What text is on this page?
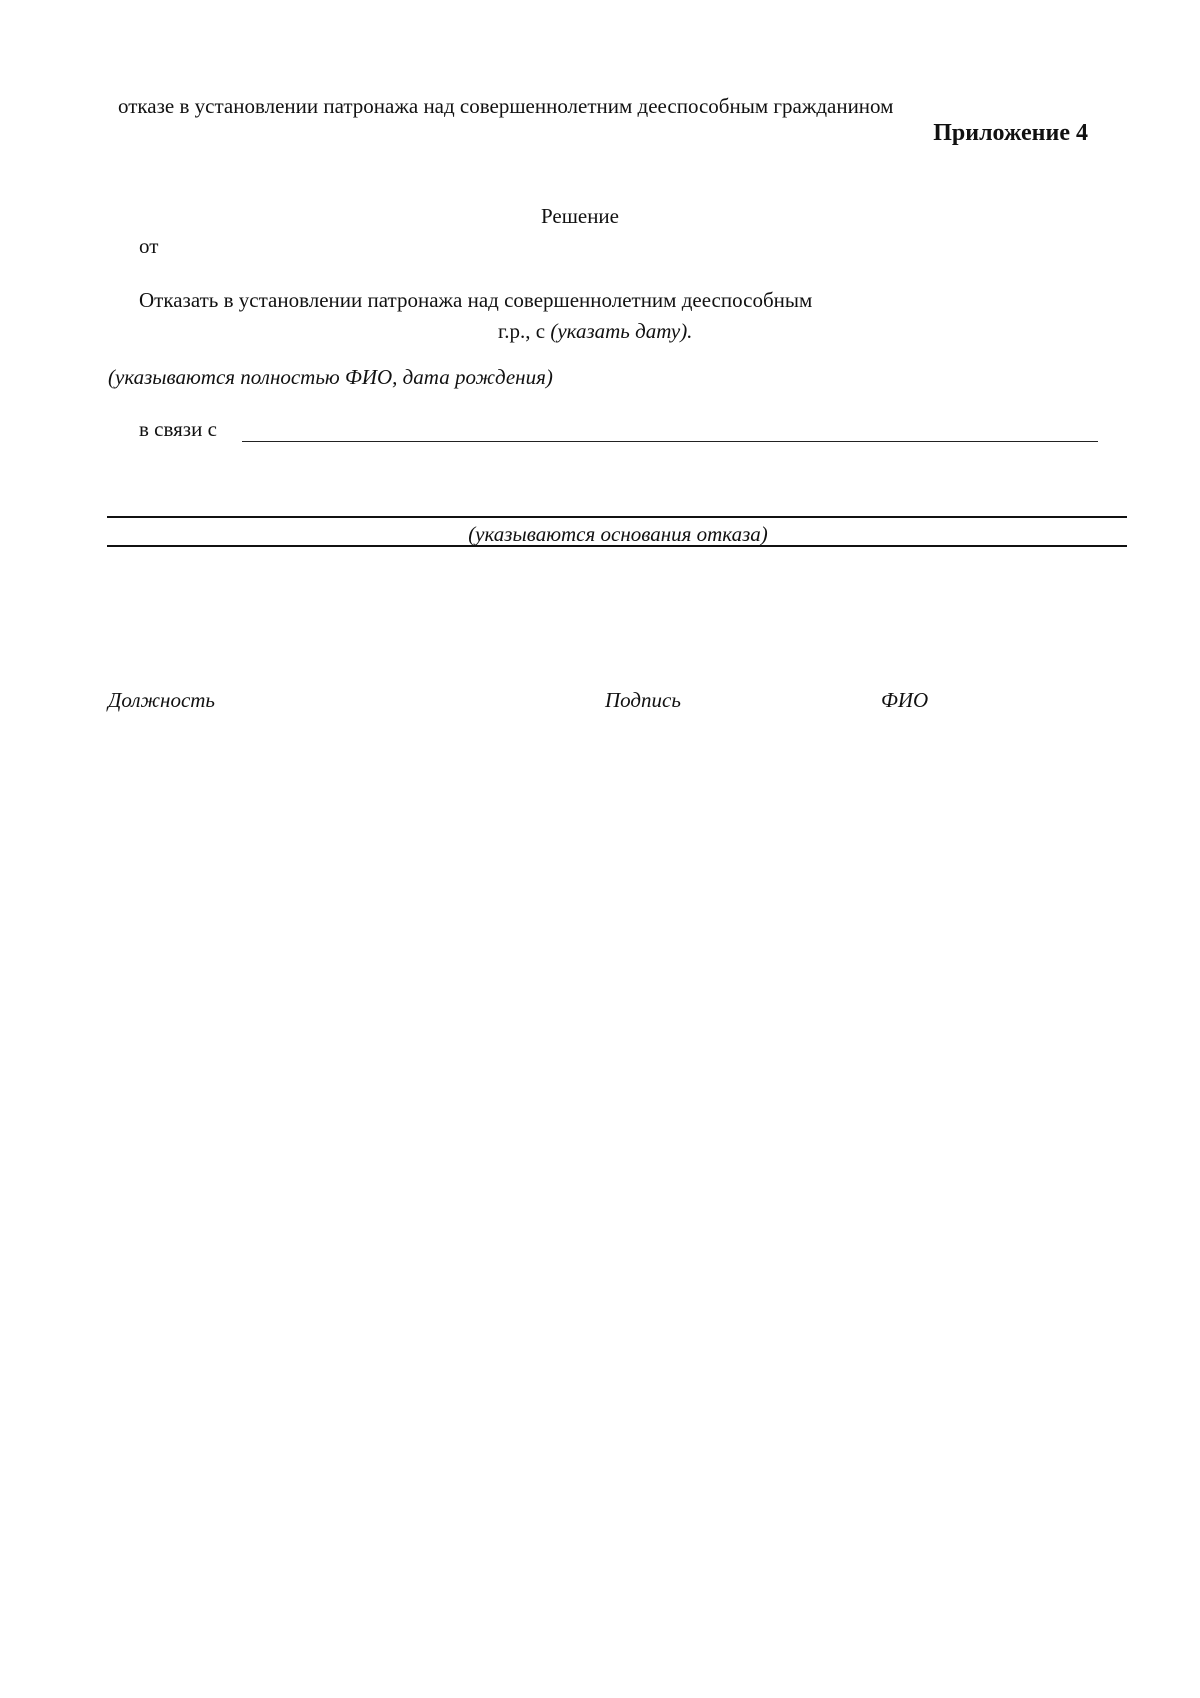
отказе в установлении патронажа над совершеннолетним дееспособным гражданином
Приложение 4
Решение
от
Отказать в установлении патронажа над совершеннолетним дееспособным
г.р., с (указать дату).
(указываются полностью ФИО, дата рождения)
в связи с
(указываются основания отказа)
Должность	Подпись	ФИО
